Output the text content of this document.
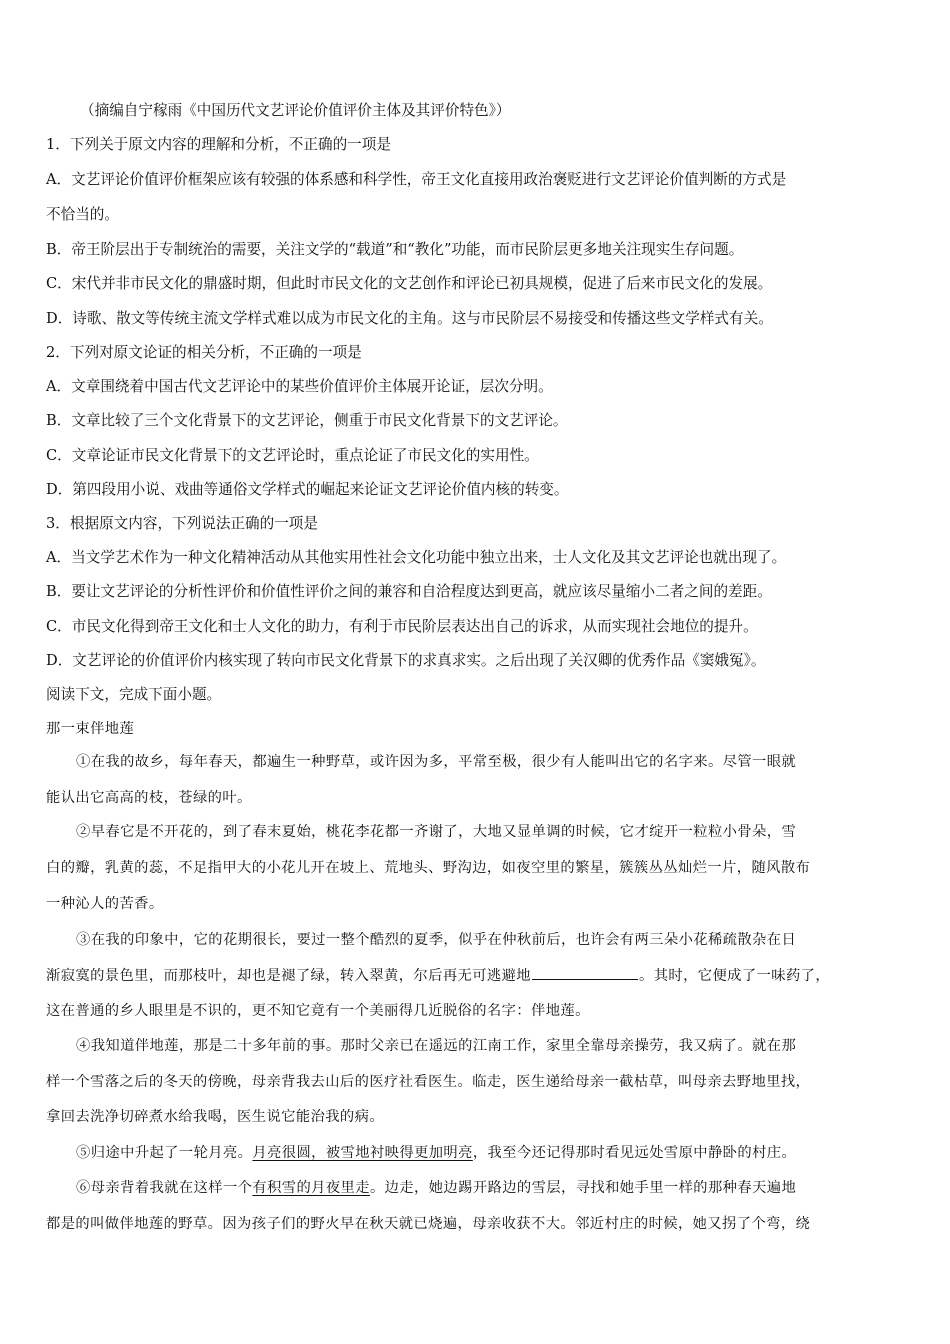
（摘编自宁稼雨《中国历代文艺评论价值评价主体及其评价特色》）
1．下列关于原文内容的理解和分析，不正确的一项是
A．文艺评论价值评价框架应该有较强的体系感和科学性，帝王文化直接用政治褒贬进行文艺评论价值判断的方式是
不恰当的。
B．帝王阶层出于专制统治的需要，关注文学的“载道”和“教化”功能，而市民阶层更多地关注现实生存问题。
C．宋代并非市民文化的鼎盛时期，但此时市民文化的文艺创作和评论已初具规模，促进了后来市民文化的发展。
D．诗歌、散文等传统主流文学样式难以成为市民文化的主角。这与市民阶层不易接受和传播这些文学样式有关。
2．下列对原文论证的相关分析，不正确的一项是
A．文章围绕着中国古代文艺评论中的某些价值评价主体展开论证，层次分明。
B．文章比较了三个文化背景下的文艺评论，侧重于市民文化背景下的文艺评论。
C．文章论证市民文化背景下的文艺评论时，重点论证了市民文化的实用性。
D．第四段用小说、戏曲等通俗文学样式的崛起来论证文艺评论价值内核的转变。
3．根据原文内容，下列说法正确的一项是
A．当文学艺术作为一种文化精神活动从其他实用性社会文化功能中独立出来，士人文化及其文艺评论也就出现了。
B．要让文艺评论的分析性评价和价值性评价之间的兼容和自洽程度达到更高，就应该尽量缩小二者之间的差距。
C．市民文化得到帝王文化和士人文化的助力，有利于市民阶层表达出自己的诉求，从而实现社会地位的提升。
D．文艺评论的价值评价内核实现了转向市民文化背景下的求真求实。之后出现了关汉卿的优秀作品《窦娥冤》。
阅读下文，完成下面小题。
那一束伴地莲
①在我的故乡，每年春天，都遍生一种野草，或许因为多，平常至极，很少有人能叫出它的名字来。尽管一眼就
能认出它高高的枝，苍绿的叶。
②早春它是不开花的，到了春末夏始，桃花李花都一齐谢了，大地又显单调的时候，它才绽开一粒粒小骨朵，雪
白的瓣，乳黄的蕊，不足指甲大的小花儿开在坡上、荒地头、野沟边，如夜空里的繁星，簇簇丛丛灿烂一片，随风散布
一种沁人的苦香。
③在我的印象中，它的花期很长，要过一整个酷烈的夏季，似乎在仲秋前后，也许会有两三朵小花稀疏散杂在日
渐寂寞的景色里，而那枝叶，却也是褪了绿，转入翠黄，尔后再无可逃避地	。其时，它便成了一味药了，
这在普通的乡人眼里是不识的，更不知它竟有一个美丽得几近脱俗的名字：伴地莲。
④我知道伴地莲，那是二十多年前的事。那时父亲已在遥远的江南工作，家里全靠母亲操劳，我又病了。就在那
样一个雪落之后的冬天的傍晚，母亲背我去山后的医疗社看医生。临走，医生递给母亲一截枯草，叫母亲去野地里找，
拿回去洗净切碎煮水给我喝，医生说它能治我的病。
⑤归途中升起了一轮月亮。月亮很圆，被雪地衬映得更加明亮，我至今还记得那时看见远处雪原中静卧的村庄。
⑥母亲背着我就在这样一个有积雪的月夜里走。边走，她边踢开路边的雪层，寻找和她手里一样的那种春天遍地
都是的叫做伴地莲的野草。因为孩子们的野火早在秋天就已烧遍，母亲收获不大。邻近村庄的时候，她又拐了个弯，绕
